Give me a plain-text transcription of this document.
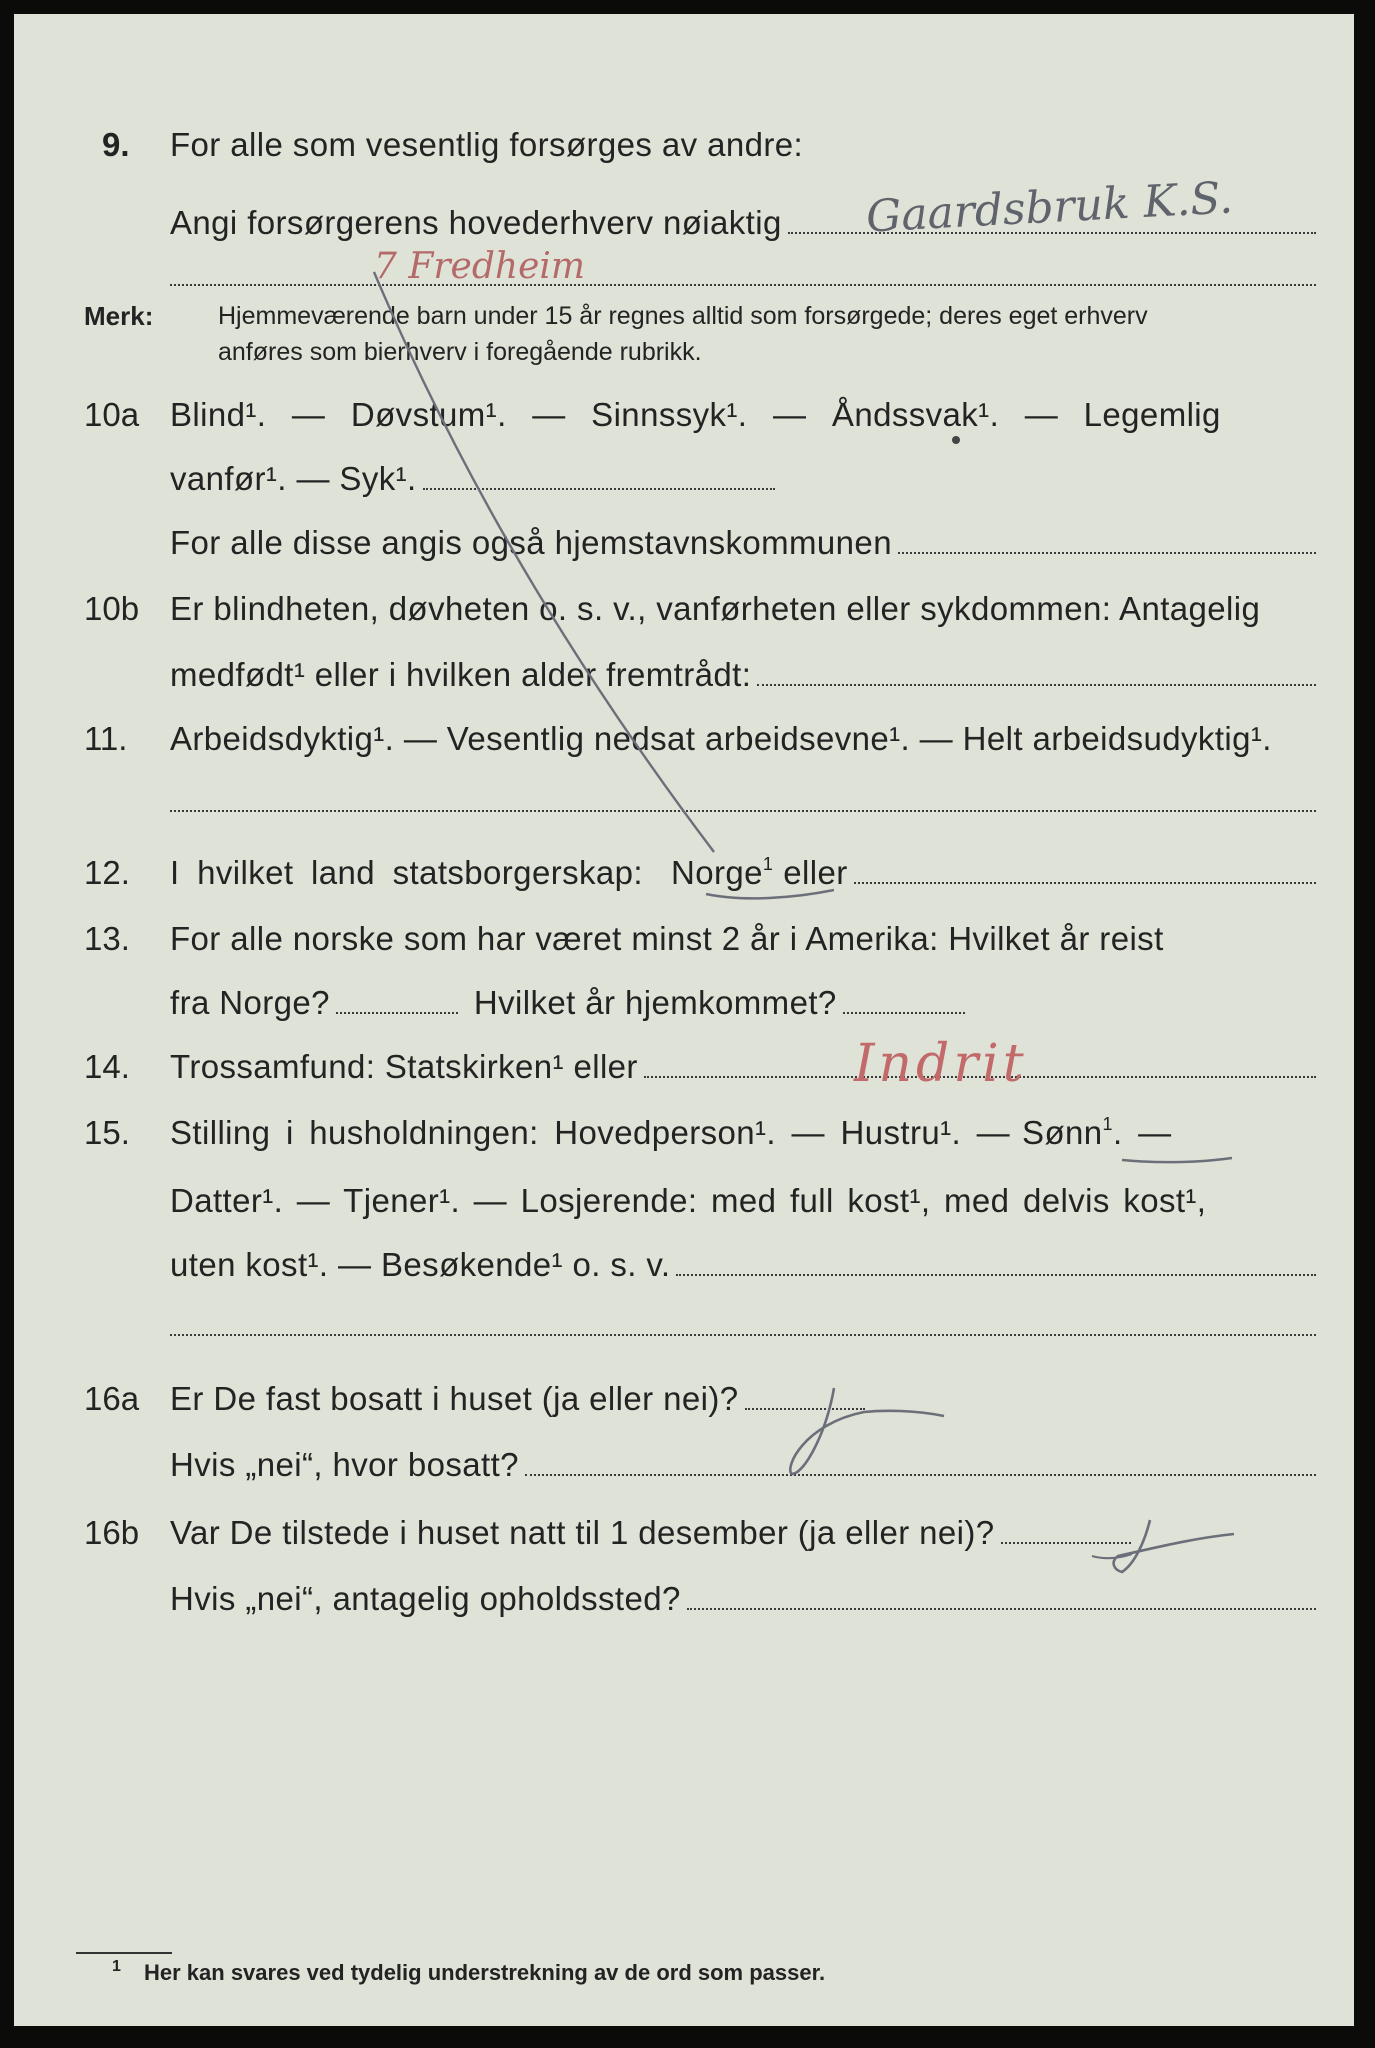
9. For alle som vesentlig forsørges av andre:
Angi forsørgerens hovederhverv nøiaktig
Merk:	Hjemmeværende barn under 15 år regnes alltid som forsørgede; deres eget erhverv
anføres som bierhverv i foregående rubrikk.
10a Blind¹. — Døvstum¹. — Sinnssyk¹. — Åndssvak¹. — Legemlig
vanfør¹. — Syk¹.
For alle disse angis også hjemstavnskommunen
10b Er blindheten, døvheten o. s. v., vanførheten eller sykdommen: Antagelig
medfødt¹ eller i hvilken alder fremtrådt:
11. Arbeidsdyktig¹. — Vesentlig nedsat arbeidsevne¹. — Helt arbeidsudyktig¹.
12. I hvilket land statsborgerskap: Norge$^1$ eller
13. For alle norske som har været minst 2 år i Amerika: Hvilket år reist
fra Norge?	Hvilket år hjemkommet?
14. Trossamfund: Statskirken¹ eller
15. Stilling i husholdningen: Hovedperson¹. — Hustru¹. — Sønn$^1$ . —
Datter¹. — Tjener¹. — Losjerende: med full kost¹, med delvis kost¹,
uten kost¹. — Besøkende¹ o. s. v.
16a Er De fast bosatt i huset (ja eller nei)?
Hvis „nei“, hvor bosatt?
16b Var De tilstede i huset natt til 1 desember (ja eller nei)?
Hvis „nei“, antagelig opholdssted?
Gaardsbruk K.S.
7 Fredheim
Indrit
1 Her kan svares ved tydelig understrekning av de ord som passer.
